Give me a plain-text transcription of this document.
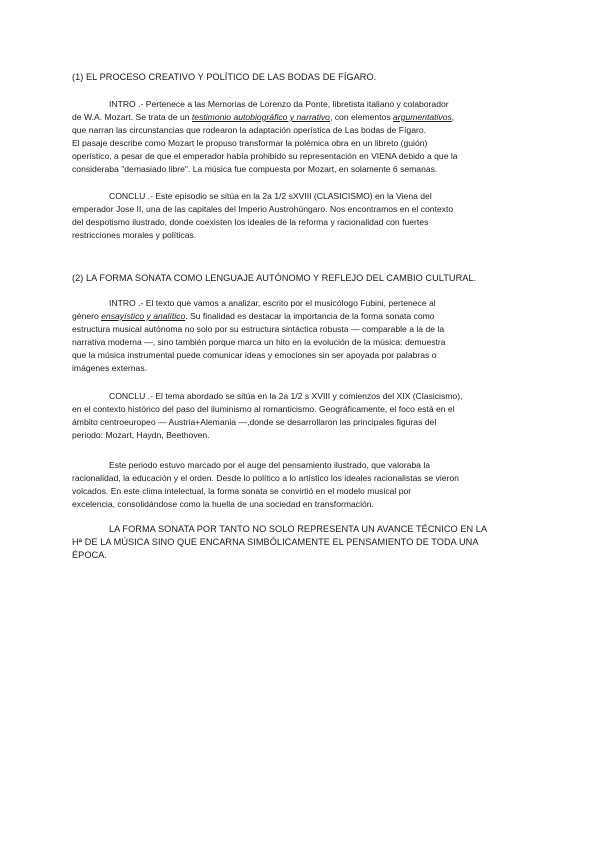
(1) EL PROCESO CREATIVO Y POLÍTICO DE LAS BODAS DE FÍGARO.
INTRO .- Pertenece a las Memorias de Lorenzo da Ponte, libretista italiano y colaborador
de W.A. Mozart. Se trata de un testimonio autobiográfico y narrativo, con elementos argumentativos,
que narran las circunstancias que rodearon la adaptación operística de Las bodas de Fígaro.
El pasaje describe como Mozart le propuso transformar la polémica obra en un libreto (guión)
operístico, a pesar de que el emperador había prohibido su representación en VIENA debido a que la
consideraba "demasiado libre". La música fue compuesta por Mozart, en solamente 6 semanas.
CONCLU .- Este episodio se sitúa en la 2a 1/2 sXVIII (CLASICISMO) en la Viena del
emperador Jose II, una de las capitales del Imperio Austrohúngaro. Nos encontramos en el contexto
del despotismo ilustrado, donde coexisten los ideales de la reforma y racionalidad con fuertes
restricciones morales y políticas.
(2) LA FORMA SONATA COMO LENGUAJE AUTÓNOMO Y REFLEJO DEL CAMBIO CULTURAL.
INTRO .- El texto que vamos a analizar, escrito por el musicólogo Fubini, pertenece al
género ensayístico y analítico. Su finalidad es destacar la importancia de la forma sonata como
estructura musical autónoma no solo por su estructura sintáctica robusta — comparable a la de la
narrativa moderna —, sino también porque marca un hito en la evolución de la música: demuestra
que la música instrumental puede comunicar ideas y emociones sin ser apoyada por palabras o
imágenes externas.
CONCLU .- El tema abordado se sitúa en la 2a 1/2 s XVIII y comienzos del XIX (Clasicismo),
en el contexto histórico del paso del iluminismo al romanticismo. Geográficamente, el foco está en el
ámbito centroeuropeo — Austria+Alemania —,donde se desarrollaron las principales figuras del
periodo: Mozart, Haydn, Beethoven.
Este periodo estuvo marcado por el auge del pensamiento ilustrado, que valoraba la
racionalidad, la educación y el orden. Desde lo político a lo artístico los ideales racionalistas se vieron
volcados. En este clima intelectual, la forma sonata se convirtió en el modelo musical por
excelencia, consolidándose como la huella de una sociedad en transformación.
LA FORMA SONATA POR TANTO NO SOLO REPRESENTA UN AVANCE TÉCNICO EN LA
Hª DE LA MÚSICA SINO QUE ENCARNA SIMBÓLICAMENTE EL PENSAMIENTO DE TODA UNA
ÉPOCA.
